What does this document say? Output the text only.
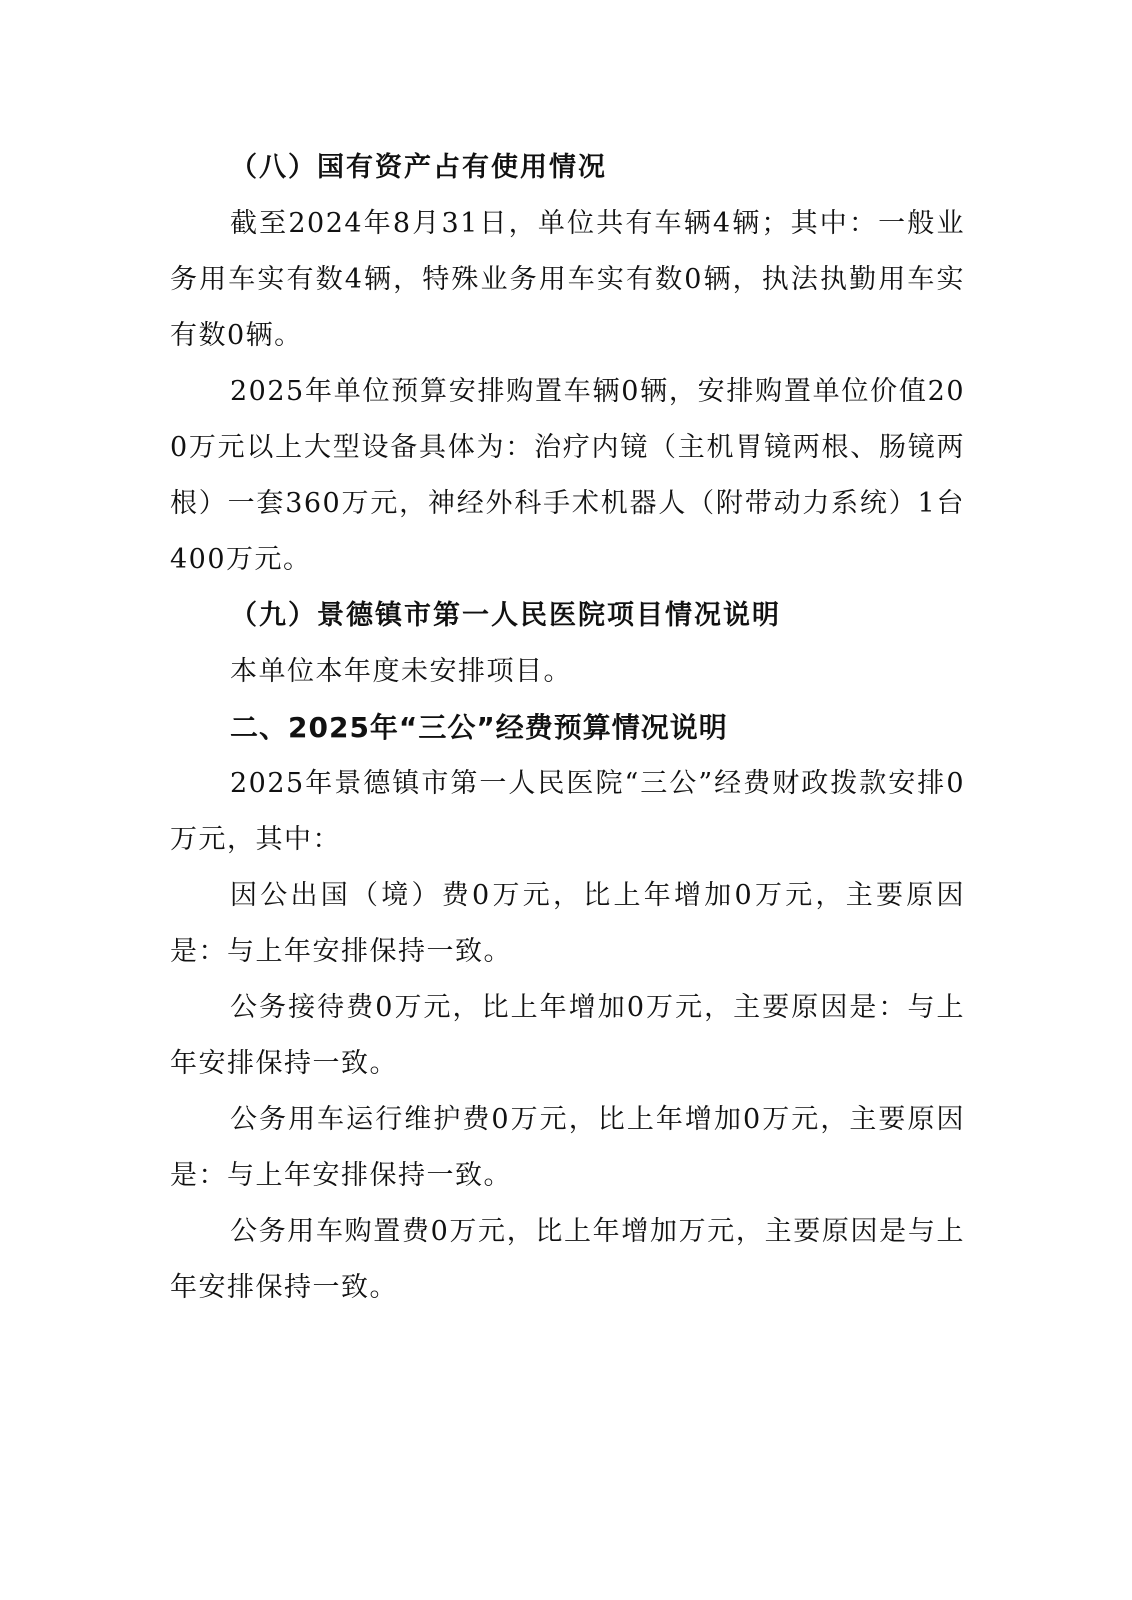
（八）国有资产占有使用情况

截至2024年8月31日，单位共有车辆4辆；其中：一般业务用车实有数4辆，特殊业务用车实有数0辆，执法执勤用车实有数0辆。

2025年单位预算安排购置车辆0辆，安排购置单位价值200万元以上大型设备具体为：治疗内镜（主机胃镜两根、肠镜两根）一套360万元，神经外科手术机器人（附带动力系统）1台400万元。

（九）景德镇市第一人民医院项目情况说明

本单位本年度未安排项目。

二、2025年“三公”经费预算情况说明

2025年景德镇市第一人民医院“三公”经费财政拨款安排0万元，其中：

因公出国（境）费0万元，比上年增加0万元，主要原因是：与上年安排保持一致。

公务接待费0万元，比上年增加0万元，主要原因是：与上年安排保持一致。

公务用车运行维护费0万元，比上年增加0万元，主要原因是：与上年安排保持一致。

公务用车购置费0万元，比上年增加万元，主要原因是与上年安排保持一致。
